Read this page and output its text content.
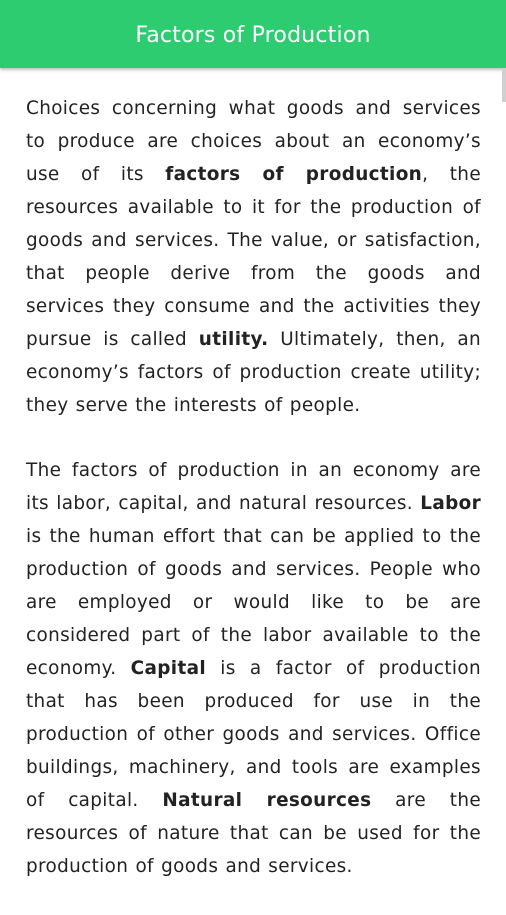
Factors of Production

Choices concerning what goods and services to produce are choices about an economy’s use of its factors of production, the resources available to it for the production of goods and services. The value, or satisfaction, that people derive from the goods and services they consume and the activities they pursue is called utility. Ultimately, then, an economy’s factors of production create utility; they serve the interests of people.

The factors of production in an economy are its labor, capital, and natural resources. Labor is the human effort that can be applied to the production of goods and services. People who are employed or would like to be are considered part of the labor available to the economy. Capital is a factor of production that has been produced for use in the production of other goods and services. Office buildings, machinery, and tools are examples of capital. Natural resources are the resources of nature that can be used for the production of goods and services.
